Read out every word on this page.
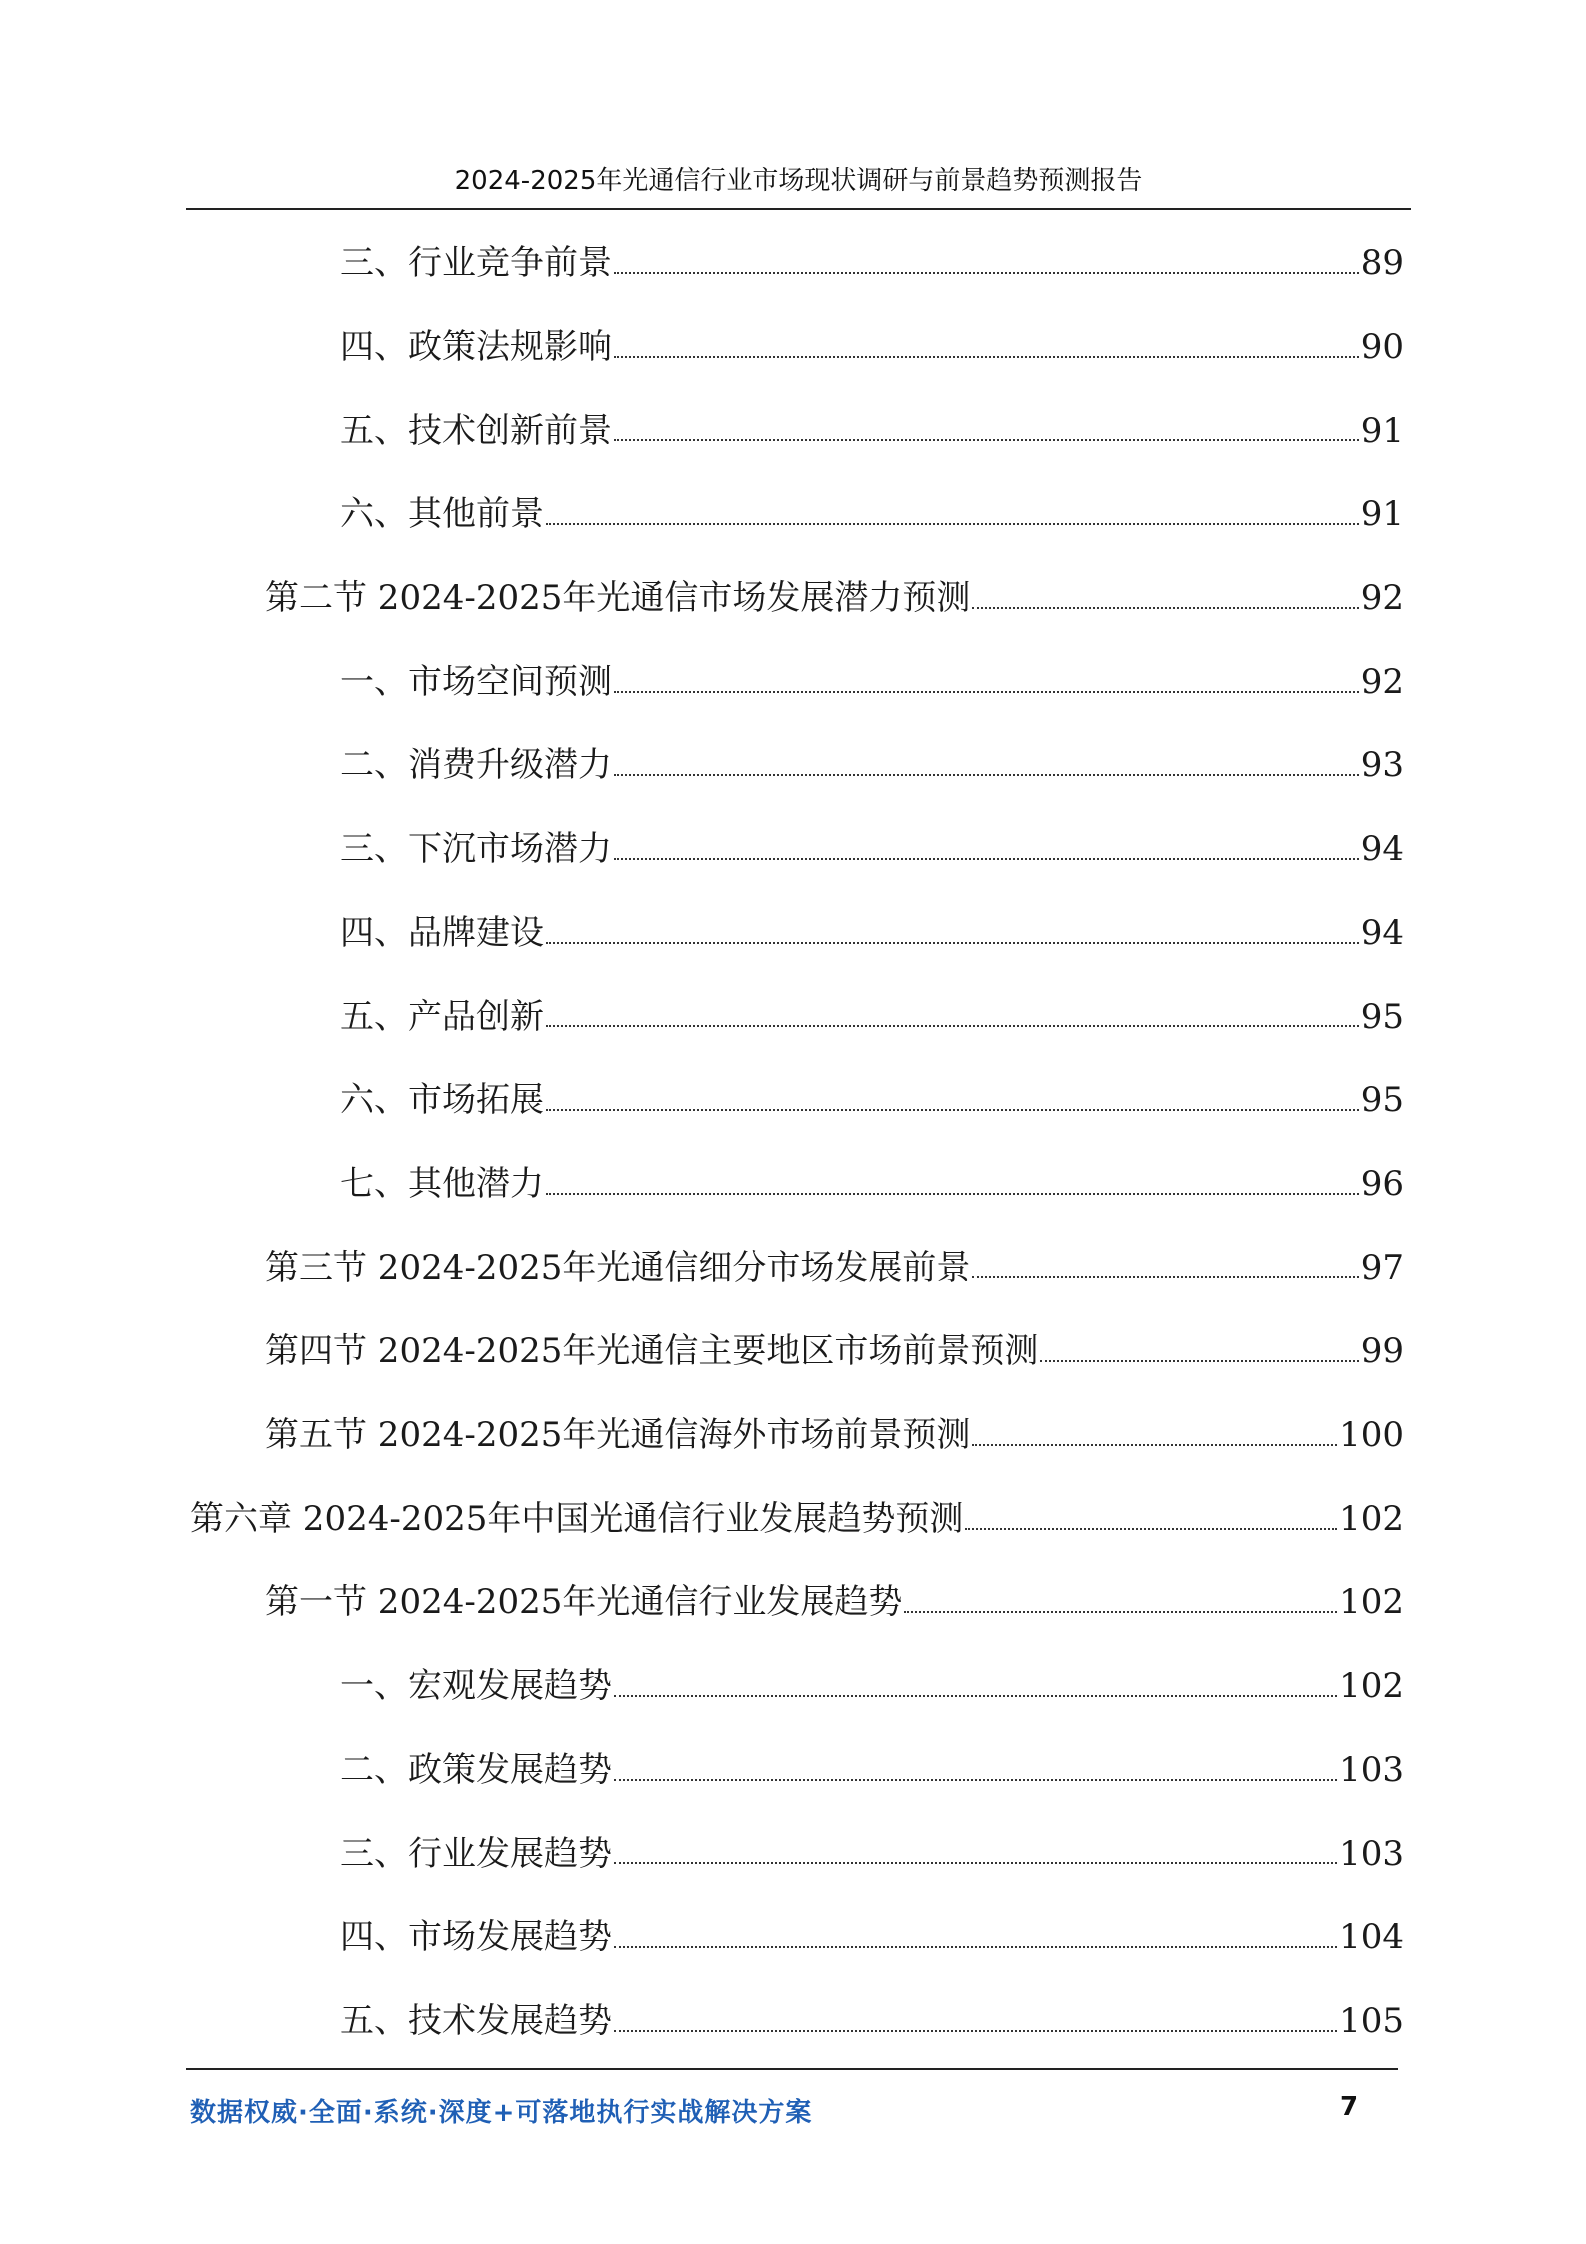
2024-2025年光通信行业市场现状调研与前景趋势预测报告
三、行业竞争前景	89
四、政策法规影响	90
五、技术创新前景	91
六、其他前景	91
第二节 2024-2025年光通信市场发展潜力预测	92
一、市场空间预测	92
二、消费升级潜力	93
三、下沉市场潜力	94
四、品牌建设	94
五、产品创新	95
六、市场拓展	95
七、其他潜力	96
第三节 2024-2025年光通信细分市场发展前景	97
第四节 2024-2025年光通信主要地区市场前景预测	99
第五节 2024-2025年光通信海外市场前景预测	100
第六章 2024-2025年中国光通信行业发展趋势预测	102
第一节 2024-2025年光通信行业发展趋势	102
一、宏观发展趋势	102
二、政策发展趋势	103
三、行业发展趋势	103
四、市场发展趋势	104
五、技术发展趋势	105
数据权威·全面·系统·深度+可落地执行实战解决方案	7
